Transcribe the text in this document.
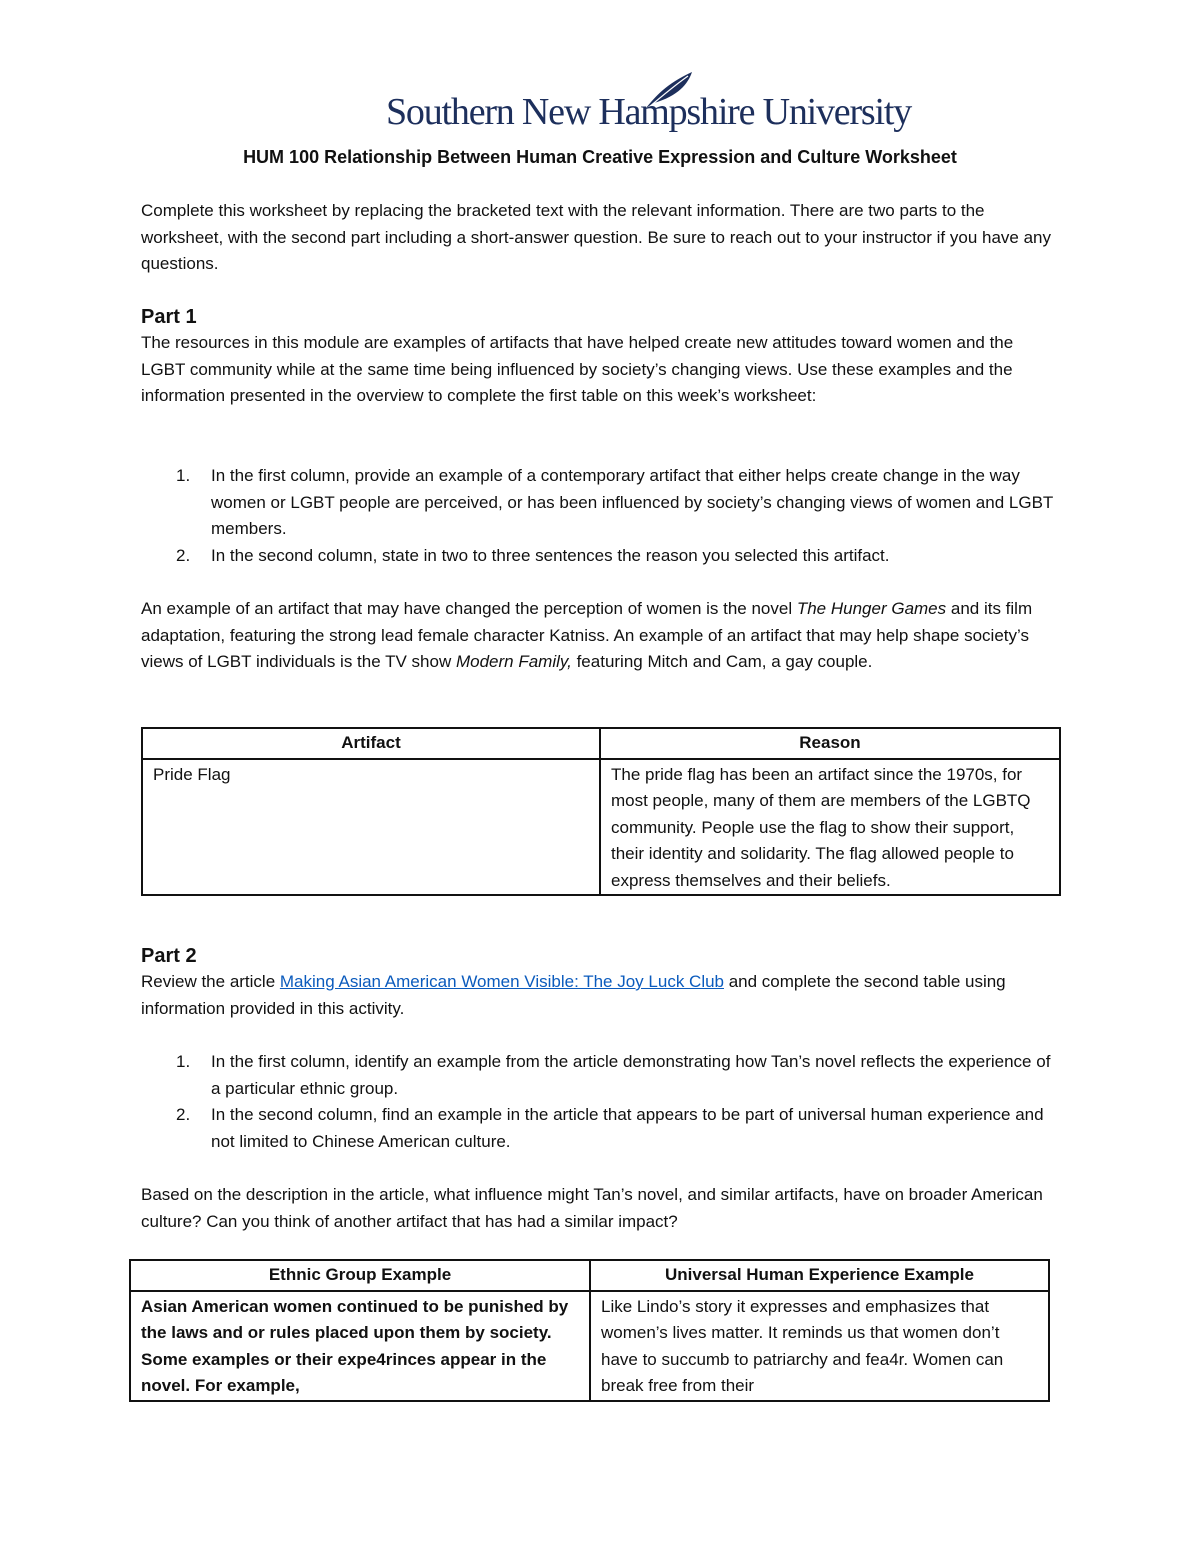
Southern New Hampshire University
HUM 100 Relationship Between Human Creative Expression and Culture Worksheet

Complete this worksheet by replacing the bracketed text with the relevant information. There are two parts to the worksheet, with the second part including a short-answer question. Be sure to reach out to your instructor if you have any questions.

Part 1

The resources in this module are examples of artifacts that have helped create new attitudes toward women and the LGBT community while at the same time being influenced by society’s changing views. Use these examples and the information presented in the overview to complete the first table on this week’s worksheet:

1. In the first column, provide an example of a contemporary artifact that either helps create change in the way women or LGBT people are perceived, or has been influenced by society’s changing views of women and LGBT members.
2. In the second column, state in two to three sentences the reason you selected this artifact.

An example of an artifact that may have changed the perception of women is the novel The Hunger Games and its film adaptation, featuring the strong lead female character Katniss. An example of an artifact that may help shape society’s views of LGBT individuals is the TV show Modern Family, featuring Mitch and Cam, a gay couple.

Artifact	Reason
Pride Flag	The pride flag has been an artifact since the 1970s, for most people, many of them are members of the LGBTQ community. People use the flag to show their support, their identity and solidarity. The flag allowed people to express themselves and their beliefs.
Part 2

Review the article Making Asian American Women Visible: The Joy Luck Club and complete the second table using information provided in this activity.

1. In the first column, identify an example from the article demonstrating how Tan’s novel reflects the experience of a particular ethnic group.
2. In the second column, find an example in the article that appears to be part of universal human experience and not limited to Chinese American culture.

Based on the description in the article, what influence might Tan’s novel, and similar artifacts, have on broader American culture? Can you think of another artifact that has had a similar impact?

Ethnic Group Example	Universal Human Experience Example
Asian American women continued to be punished by the laws and or rules placed upon them by society. Some examples or their expe4rinces appear in the novel. For example,	Like Lindo’s story it expresses and emphasizes that women’s lives matter. It reminds us that women don’t have to succumb to patriarchy and fea4r. Women can break free from their
